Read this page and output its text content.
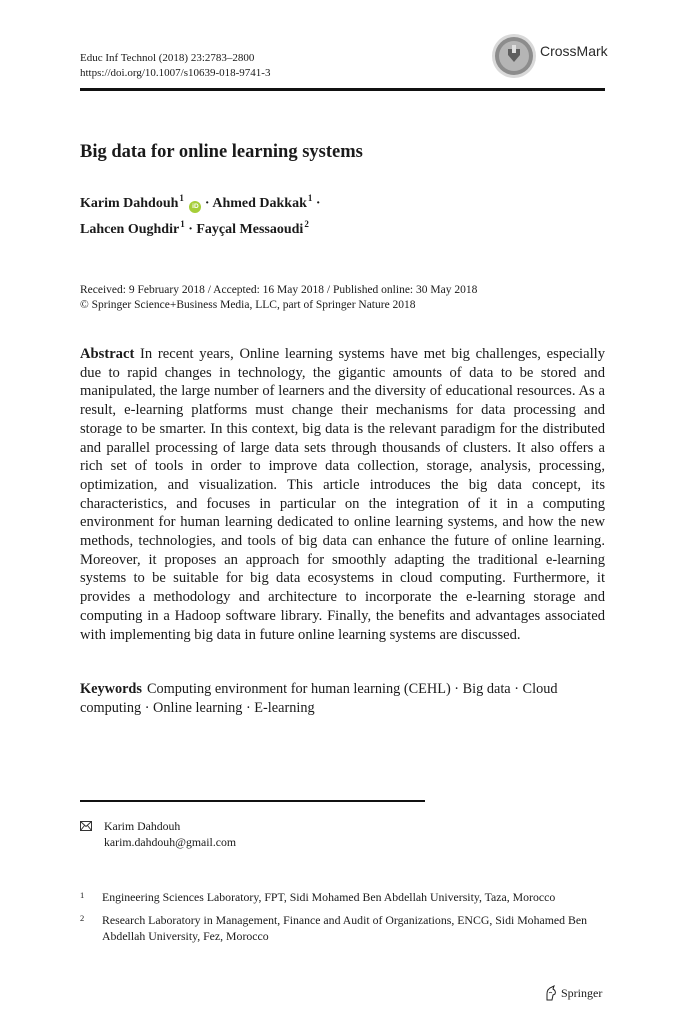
Educ Inf Technol (2018) 23:2783–2800
https://doi.org/10.1007/s10639-018-9741-3
CrossMark
Big data for online learning systems
Karim Dahdouh$^1$ iD · Ahmed Dakkak$^1$ ·
Lahcen Oughdir$^1$ · Fayçal Messaoudi$^2$
Received: 9 February 2018 / Accepted: 16 May 2018 / Published online: 30 May 2018
© Springer Science+Business Media, LLC, part of Springer Nature 2018
Abstract In recent years, Online learning systems have met big challenges, especially due to rapid changes in technology, the gigantic amounts of data to be stored and manipulated, the large number of learners and the diversity of educational resources. As a result, e-learning platforms must change their mechanisms for data processing and storage to be smarter. In this context, big data is the relevant paradigm for the distributed and parallel processing of large data sets through thousands of clusters. It also offers a rich set of tools in order to improve data collection, storage, analysis, processing, optimization, and visualization. This article introduces the big data concept, its characteristics, and focuses in particular on the integration of it in a computing environment for human learning dedicated to online learning systems, and how the new methods, technologies, and tools of big data can enhance the future of online learning. Moreover, it proposes an approach for smoothly adapting the traditional e-learning systems to be suitable for big data ecosystems in cloud computing. Furthermore, it provides a methodology and architecture to incorporate the e-learning storage and computing in a Hadoop software library. Finally, the benefits and advantages associated with implementing big data in future online learning systems are discussed.
Keywords Computing environment for human learning (CEHL) · Big data · Cloud computing · Online learning · E-learning
Karim Dahdouh
karim.dahdouh@gmail.com
1 Engineering Sciences Laboratory, FPT, Sidi Mohamed Ben Abdellah University, Taza, Morocco
2 Research Laboratory in Management, Finance and Audit of Organizations, ENCG, Sidi Mohamed Ben Abdellah University, Fez, Morocco
Springer
